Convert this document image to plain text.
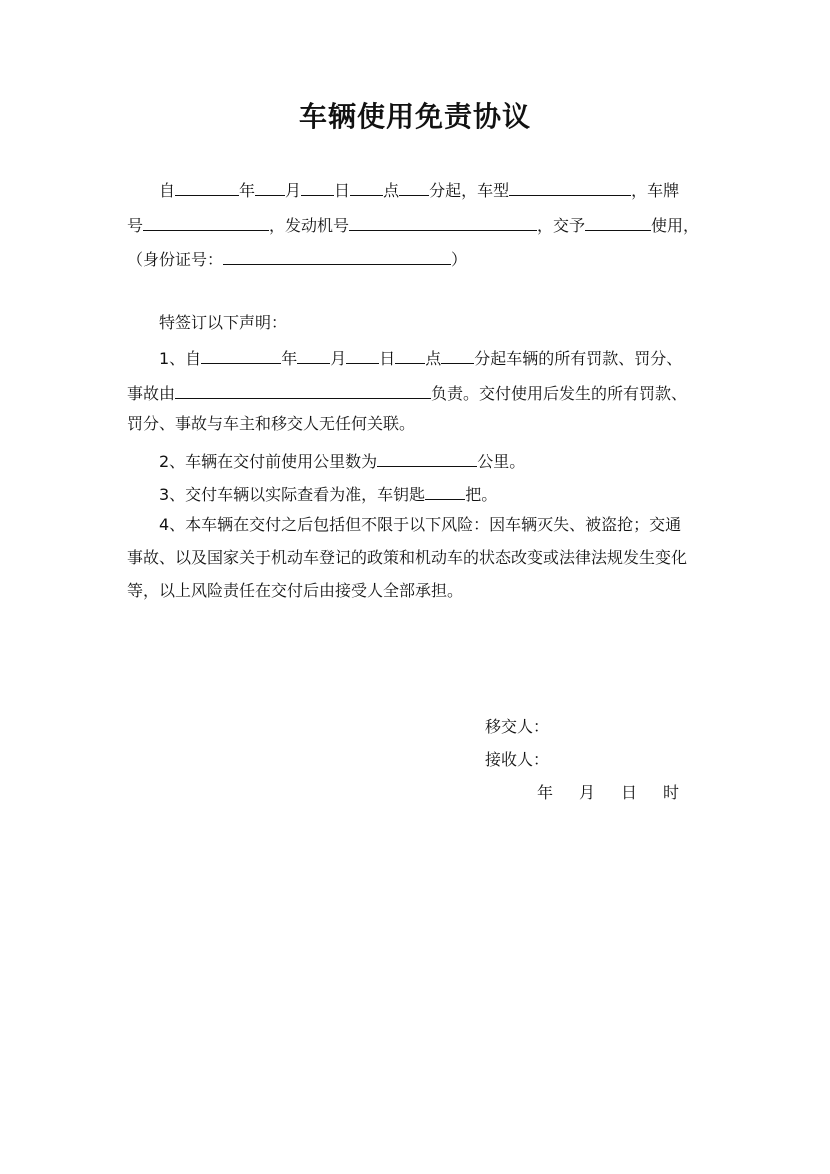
车辆使用免责协议
自	年 月 日 点 分起，车型	，车牌
号	，发动机号	，交予	使用，
（身份证号：	）
特签订以下声明：
1、自	年 月 日 点 分起车辆的所有罚款、罚分、
事故由	负责。交付使用后发生的所有罚款、
罚分、事故与车主和移交人无任何关联。
2、车辆在交付前使用公里数为	公里。
3、交付车辆以实际查看为准，车钥匙	把。
4、本车辆在交付之后包括但不限于以下风险：因车辆灭失、被盗抢；交通
事故、以及国家关于机动车登记的政策和机动车的状态改变或法律法规发生变化
等，以上风险责任在交付后由接受人全部承担。
移交人：
接收人：
年 月 日 时
